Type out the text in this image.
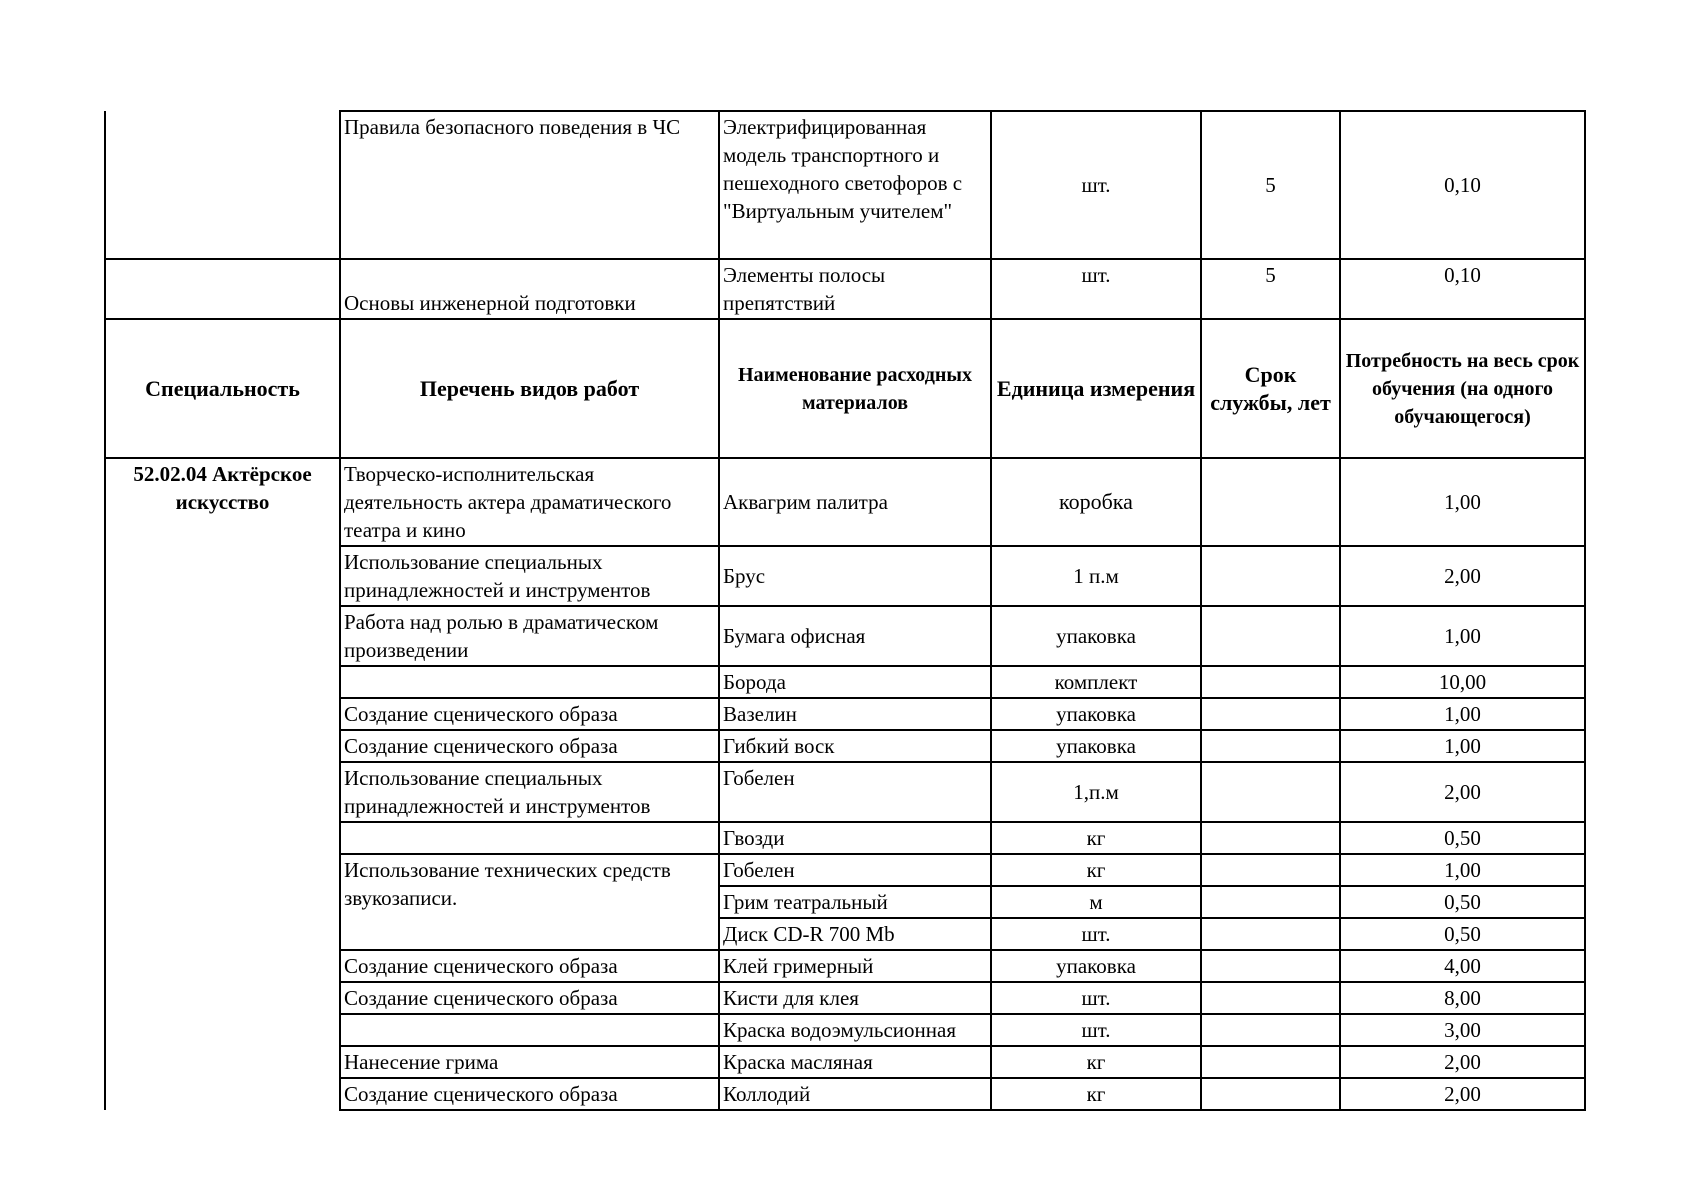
	Правила безопасного поведения в ЧС	Электрифицированная модель транспортного и пешеходного светофоров с "Виртуальным учителем"	шт.	5	0,10
	Основы инженерной подготовки	Элементы полосы препятствий	шт.	5	0,10
Специальность	Перечень видов работ	Наименование расходных материалов	Единица измерения	Срок службы, лет	Потребность на весь срок обучения (на одного обучающегося)
52.02.04 Актёрское искусство	Творческо-исполнительская деятельность актера драматического театра и кино	Аквагрим палитра	коробка		1,00
	Использование специальных принадлежностей и инструментов	Брус	1 п.м		2,00
	Работа над ролью в драматическом произведении	Бумага офисная	упаковка		1,00
		Борода	комплект		10,00
	Создание сценического образа	Вазелин	упаковка		1,00
	Создание сценического образа	Гибкий воск	упаковка		1,00
	Использование специальных принадлежностей и инструментов	Гобелен	1,п.м		2,00
		Гвозди	кг		0,50
	Использование технических средств звукозаписи.	Гобелен	кг		1,00
		Грим театральный	м		0,50
		Диск CD-R 700 Mb	шт.		0,50
	Создание сценического образа	Клей гримерный	упаковка		4,00
	Создание сценического образа	Кисти для клея	шт.		8,00
		Краска водоэмульсионная	шт.		3,00
	Нанесение грима	Краска масляная	кг		2,00
	Создание сценического образа	Коллодий	кг		2,00
